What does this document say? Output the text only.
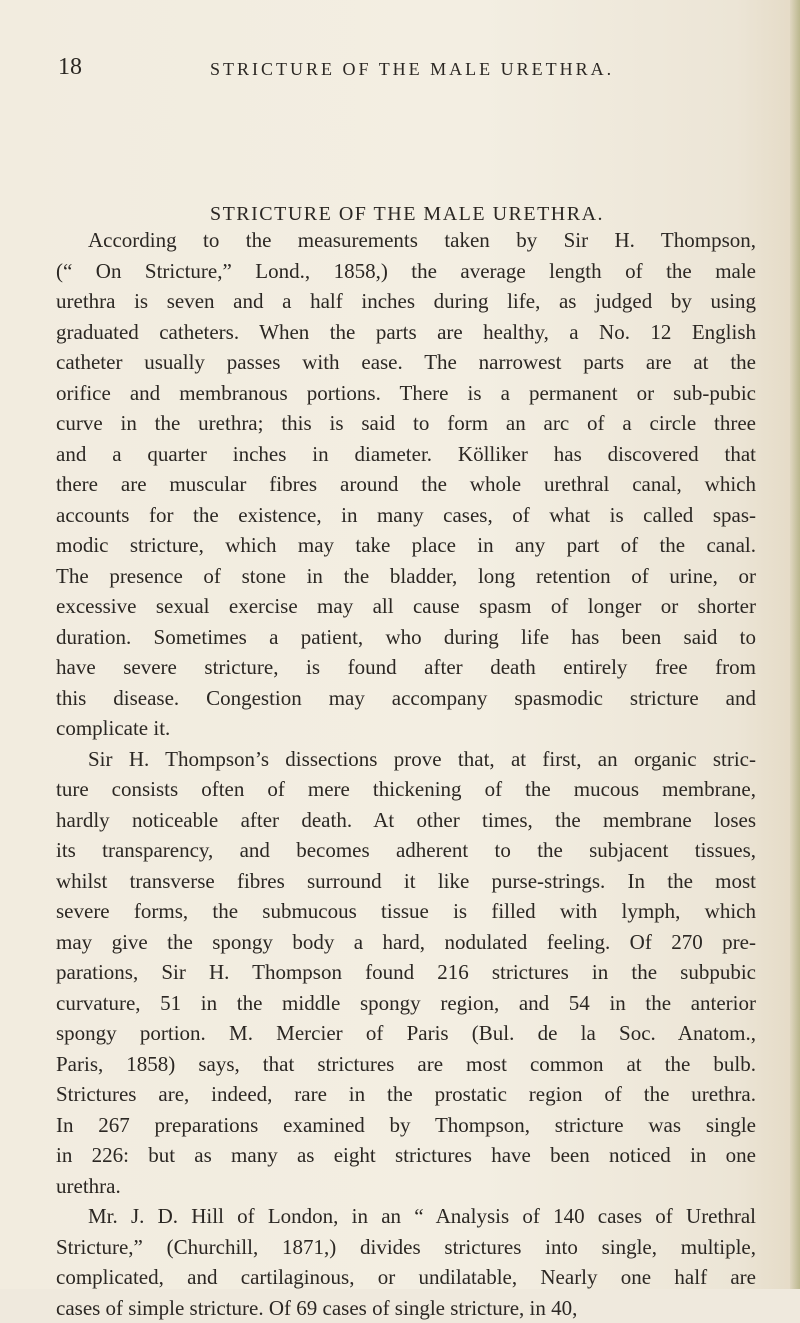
18	STRICTURE OF THE MALE URETHRA.
STRICTURE OF THE MALE URETHRA.
According to the measurements taken by Sir H. Thompson,
(“ On Stricture,” Lond., 1858,) the average length of the male
urethra is seven and a half inches during life, as judged by using
graduated catheters. When the parts are healthy, a No. 12 English
catheter usually passes with ease. The narrowest parts are at the
orifice and membranous portions. There is a permanent or sub-pubic
curve in the urethra; this is said to form an arc of a circle three
and a quarter inches in diameter. Kölliker has discovered that
there are muscular fibres around the whole urethral canal, which
accounts for the existence, in many cases, of what is called spas-
modic stricture, which may take place in any part of the canal.
The presence of stone in the bladder, long retention of urine, or
excessive sexual exercise may all cause spasm of longer or shorter
duration. Sometimes a patient, who during life has been said to
have severe stricture, is found after death entirely free from
this disease. Congestion may accompany spasmodic stricture and
complicate it.
Sir H. Thompson’s dissections prove that, at first, an organic stric-
ture consists often of mere thickening of the mucous membrane,
hardly noticeable after death. At other times, the membrane loses
its transparency, and becomes adherent to the subjacent tissues,
whilst transverse fibres surround it like purse-strings. In the most
severe forms, the submucous tissue is filled with lymph, which
may give the spongy body a hard, nodulated feeling. Of 270 pre-
parations, Sir H. Thompson found 216 strictures in the subpubic
curvature, 51 in the middle spongy region, and 54 in the anterior
spongy portion. M. Mercier of Paris (Bul. de la Soc. Anatom.,
Paris, 1858) says, that strictures are most common at the bulb.
Strictures are, indeed, rare in the prostatic region of the urethra.
In 267 preparations examined by Thompson, stricture was single
in 226: but as many as eight strictures have been noticed in one
urethra.
Mr. J. D. Hill of London, in an “ Analysis of 140 cases of Urethral
Stricture,” (Churchill, 1871,) divides strictures into single, multiple,
complicated, and cartilaginous, or undilatable, Nearly one half are
cases of simple stricture. Of 69 cases of single stricture, in 40,
